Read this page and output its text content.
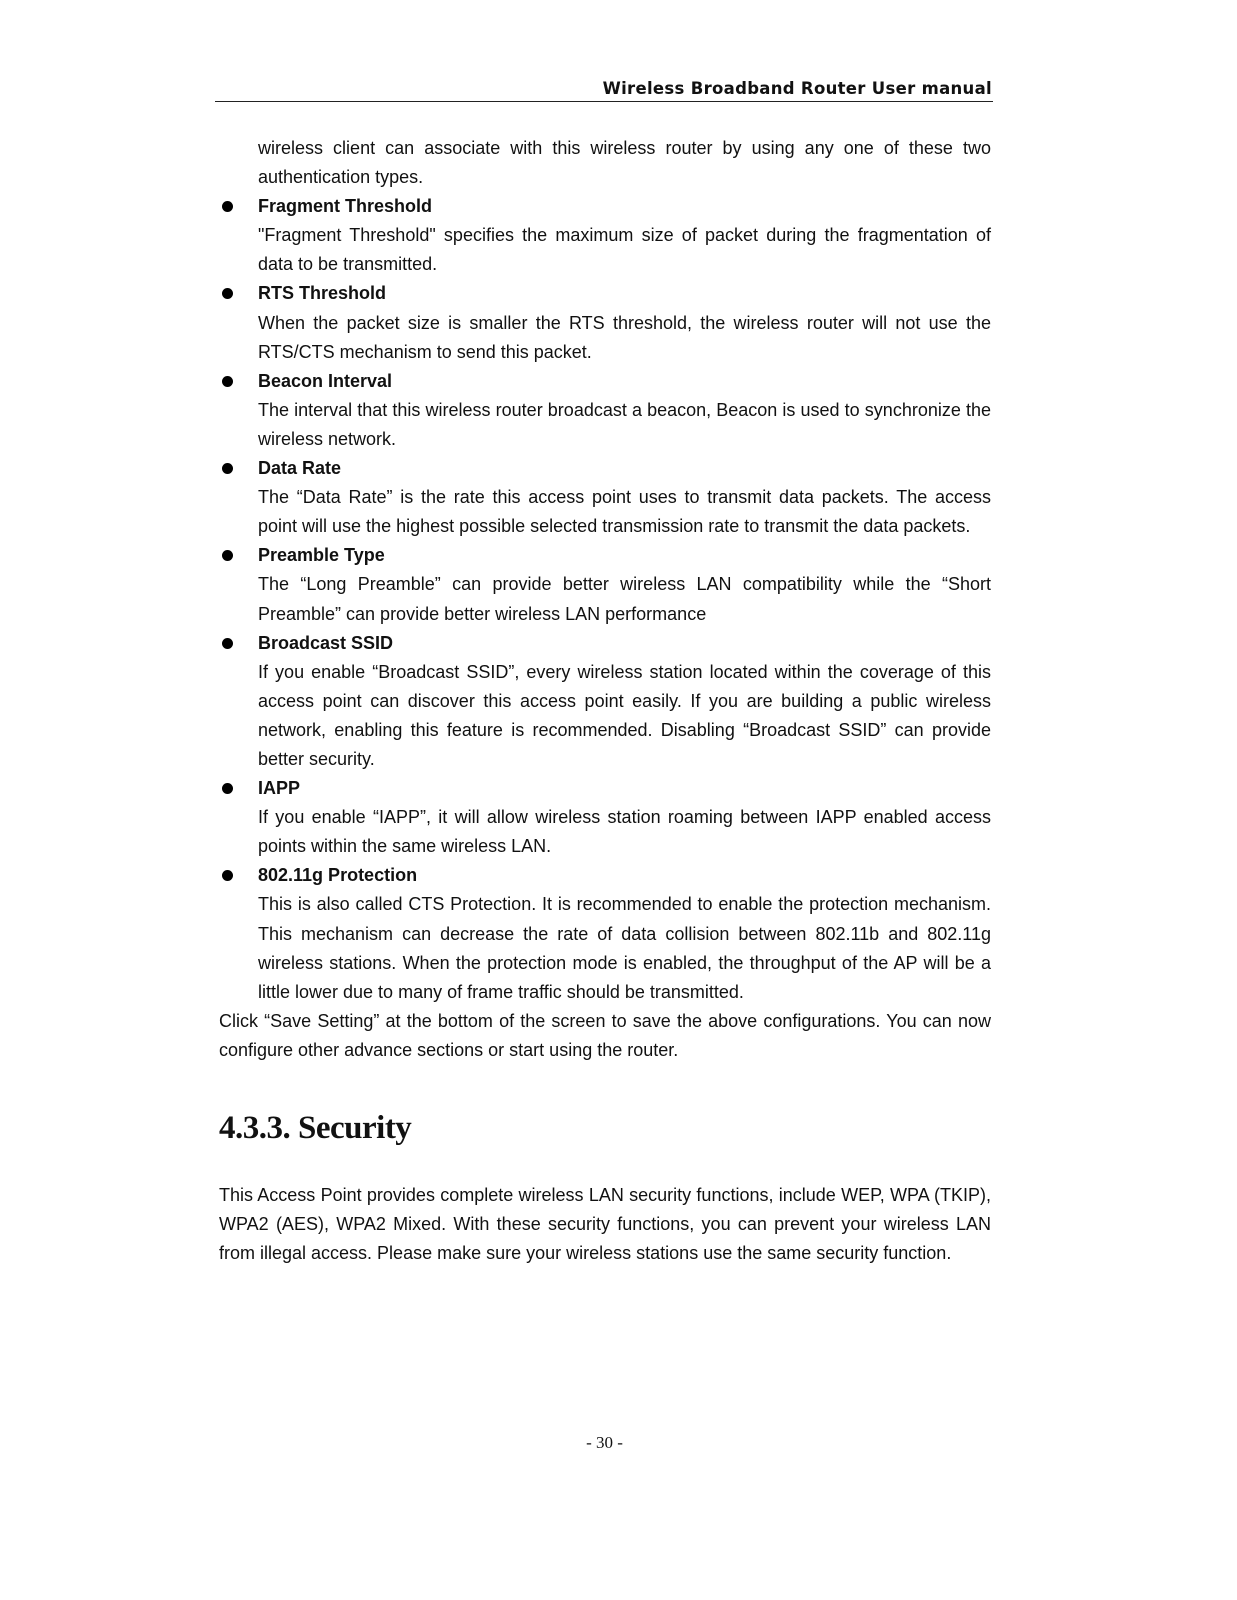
Wireless Broadband Router User manual

wireless client can associate with this wireless router by using any one of these two authentication types.

Fragment Threshold

"Fragment Threshold" specifies the maximum size of packet during the fragmentation of data to be transmitted.

RTS Threshold

When the packet size is smaller the RTS threshold, the wireless router will not use the RTS/CTS mechanism to send this packet.

Beacon Interval

The interval that this wireless router broadcast a beacon, Beacon is used to synchronize the wireless network.

Data Rate

The “Data Rate” is the rate this access point uses to transmit data packets. The access point will use the highest possible selected transmission rate to transmit the data packets.

Preamble Type

The “Long Preamble” can provide better wireless LAN compatibility while the “Short Preamble” can provide better wireless LAN performance

Broadcast SSID

If you enable “Broadcast SSID”, every wireless station located within the coverage of this access point can discover this access point easily. If you are building a public wireless network, enabling this feature is recommended. Disabling “Broadcast SSID” can provide better security.

IAPP

If you enable “IAPP”, it will allow wireless station roaming between IAPP enabled access points within the same wireless LAN.

802.11g Protection

This is also called CTS Protection. It is recommended to enable the protection mechanism. This mechanism can decrease the rate of data collision between 802.11b and 802.11g wireless stations. When the protection mode is enabled, the throughput of the AP will be a little lower due to many of frame traffic should be transmitted.

Click “Save Setting” at the bottom of the screen to save the above configurations. You can now configure other advance sections or start using the router.

4.3.3. Security

This Access Point provides complete wireless LAN security functions, include WEP, WPA (TKIP), WPA2 (AES), WPA2 Mixed. With these security functions, you can prevent your wireless LAN from illegal access. Please make sure your wireless stations use the same security function.

- 30 -
